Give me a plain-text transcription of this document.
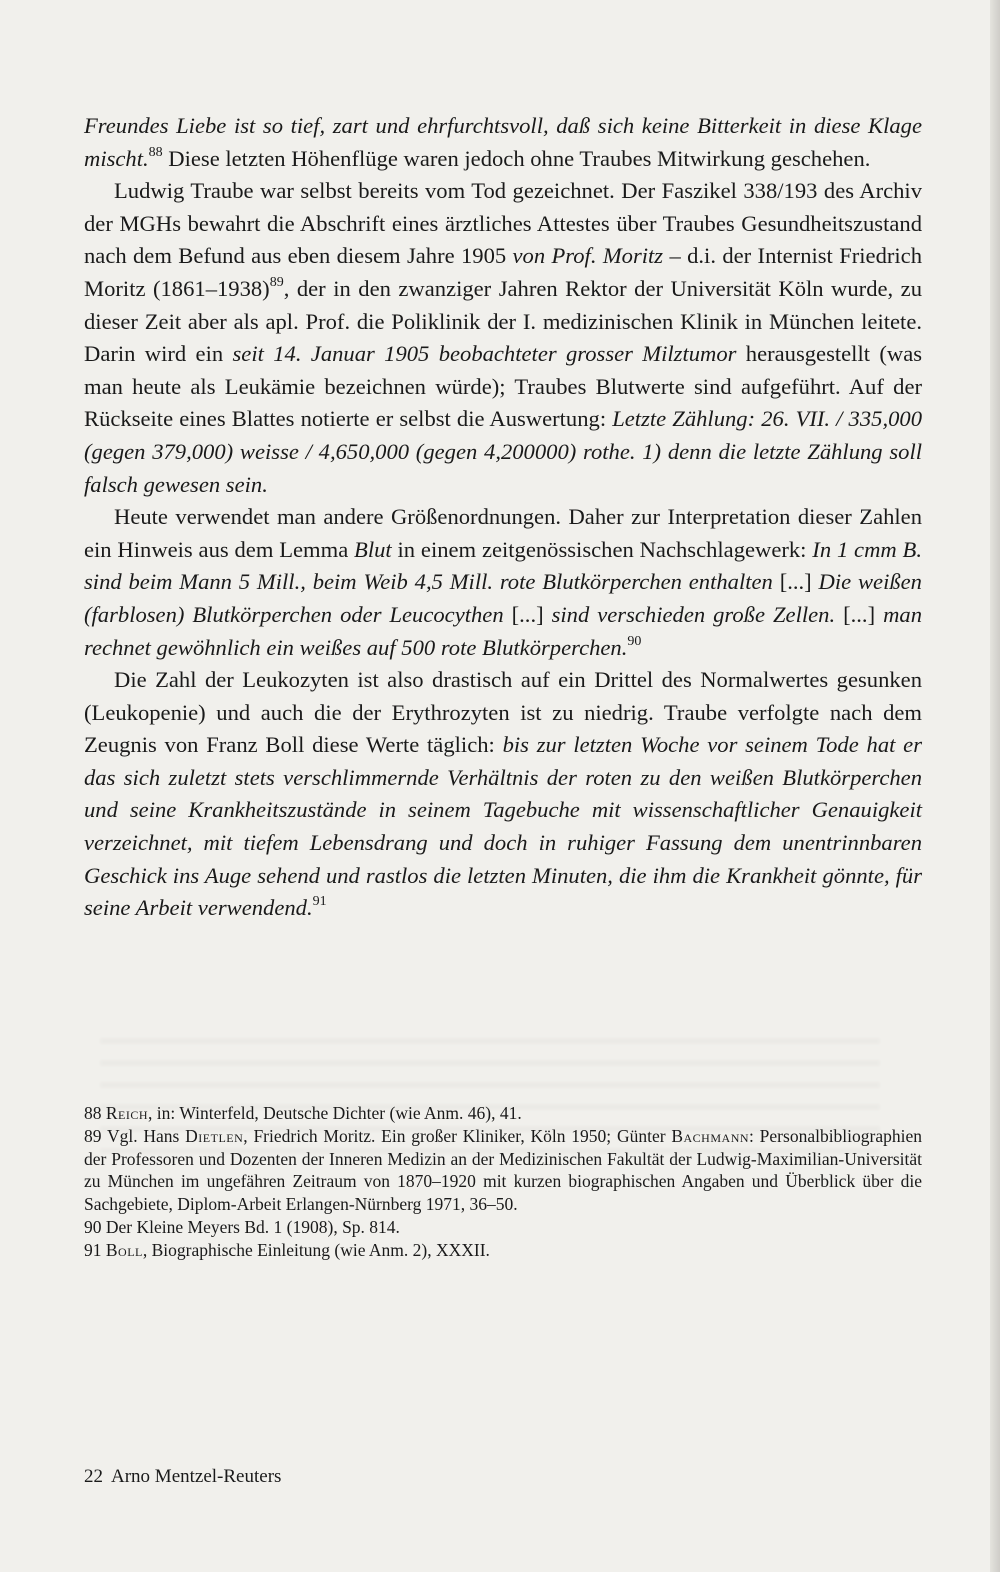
Freundes Liebe ist so tief, zart und ehrfurchtsvoll, daß sich keine Bitterkeit in diese Klage mischt.$^{88}$ Diese letzten Höhenflüge waren jedoch ohne Traubes Mitwirkung geschehen.

Ludwig Traube war selbst bereits vom Tod gezeichnet. Der Faszikel 338/193 des Archiv der MGHs bewahrt die Abschrift eines ärztliches Attestes über Traubes Gesundheitszustand nach dem Befund aus eben diesem Jahre 1905 von Prof. Moritz – d.i. der Internist Friedrich Moritz (1861–1938)$^{89}$, der in den zwanziger Jahren Rektor der Universität Köln wurde, zu dieser Zeit aber als apl. Prof. die Poliklinik der I. medizinischen Klinik in München leitete. Darin wird ein seit 14. Januar 1905 beobachteter grosser Milztumor herausgestellt (was man heute als Leukämie bezeichnen würde); Traubes Blutwerte sind aufgeführt. Auf der Rückseite eines Blattes notierte er selbst die Auswertung: Letzte Zählung: 26. VII. / 335,000 (gegen 379,000) weisse / 4,650,000 (gegen 4,200000) rothe. 1) denn die letzte Zählung soll falsch gewesen sein.

Heute verwendet man andere Größenordnungen. Daher zur Interpretation dieser Zahlen ein Hinweis aus dem Lemma Blut in einem zeitgenössischen Nachschlagewerk: In 1 cmm B. sind beim Mann 5 Mill., beim Weib 4,5 Mill. rote Blutkörperchen enthalten [...] Die weißen (farblosen) Blutkörperchen oder Leucocythen [...] sind verschieden große Zellen. [...] man rechnet gewöhnlich ein weißes auf 500 rote Blutkörperchen.$^{90}$

Die Zahl der Leukozyten ist also drastisch auf ein Drittel des Normalwertes gesunken (Leukopenie) und auch die der Erythrozyten ist zu niedrig. Traube verfolgte nach dem Zeugnis von Franz Boll diese Werte täglich: bis zur letzten Woche vor seinem Tode hat er das sich zuletzt stets verschlimmernde Verhältnis der roten zu den weißen Blutkörperchen und seine Krankheitszustände in seinem Tagebuche mit wissenschaftlicher Genauigkeit verzeichnet, mit tiefem Lebensdrang und doch in ruhiger Fassung dem unentrinnbaren Geschick ins Auge sehend und rastlos die letzten Minuten, die ihm die Krankheit gönnte, für seine Arbeit verwendend.$^{91}$

88 Reich, in: Winterfeld, Deutsche Dichter (wie Anm. 46), 41.

89 Vgl. Hans Dietlen, Friedrich Moritz. Ein großer Kliniker, Köln 1950; Günter Bachmann: Personalbibliographien der Professoren und Dozenten der Inneren Medizin an der Medizinischen Fakultät der Ludwig-Maximilian-Universität zu München im ungefähren Zeitraum von 1870–1920 mit kurzen biographischen Angaben und Überblick über die Sachgebiete, Diplom-Arbeit Erlangen-Nürnberg 1971, 36–50.

90 Der Kleine Meyers Bd. 1 (1908), Sp. 814.

91 Boll, Biographische Einleitung (wie Anm. 2), XXXII.

22 Arno Mentzel-Reuters
